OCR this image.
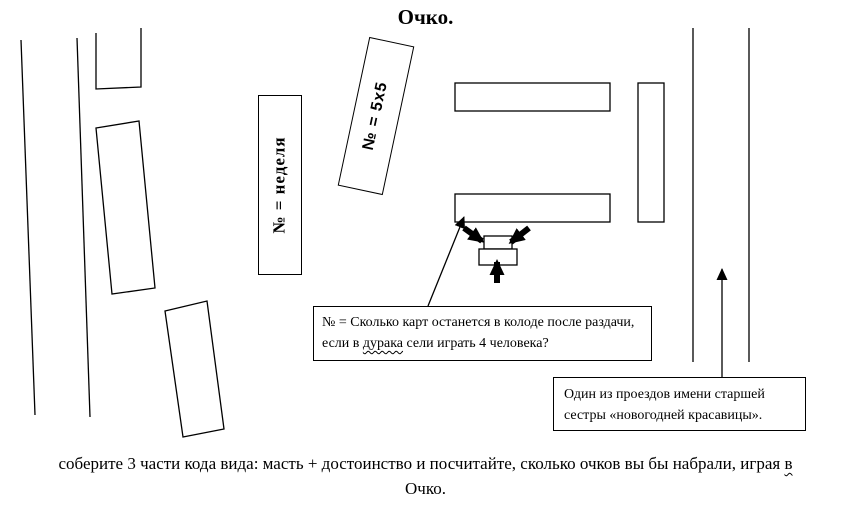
Очко.
№ = неделя
№ = 5х5
№ = Сколько карт останется в колоде после раздачи, если в дурака сели играть 4 человека?
Один из проездов имени старшей сестры «новогодней красавицы».
соберите 3 части кода вида: масть + достоинство и посчитайте, сколько очков вы бы набрали, играя в
Очко.
